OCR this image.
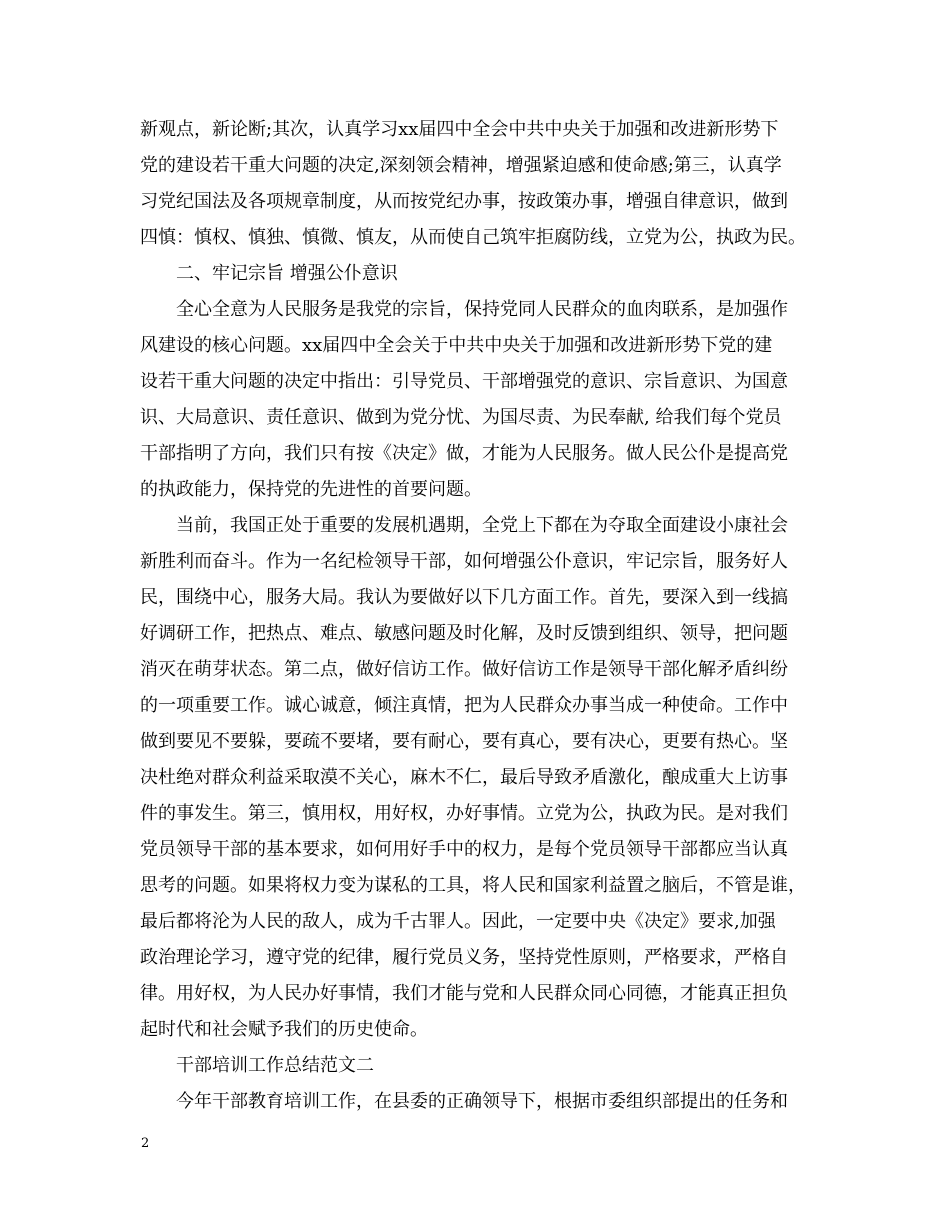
新观点，新论断;其次，认真学习xx届四中全会中共中央关于加强和改进新形势下
党的建设若干重大问题的决定,深刻领会精神，增强紧迫感和使命感;第三，认真学
习党纪国法及各项规章制度，从而按党纪办事，按政策办事，增强自律意识，做到
四慎：慎权、慎独、慎微、慎友，从而使自己筑牢拒腐防线，立党为公，执政为民。
二、牢记宗旨 增强公仆意识
全心全意为人民服务是我党的宗旨，保持党同人民群众的血肉联系，是加强作
风建设的核心问题。xx届四中全会关于中共中央关于加强和改进新形势下党的建
设若干重大问题的决定中指出：引导党员、干部增强党的意识、宗旨意识、为国意
识、大局意识、责任意识、做到为党分忧、为国尽责、为民奉献, 给我们每个党员
干部指明了方向，我们只有按《决定》做，才能为人民服务。做人民公仆是提高党
的执政能力，保持党的先进性的首要问题。
当前，我国正处于重要的发展机遇期，全党上下都在为夺取全面建设小康社会
新胜利而奋斗。作为一名纪检领导干部，如何增强公仆意识，牢记宗旨，服务好人
民，围绕中心，服务大局。我认为要做好以下几方面工作。首先，要深入到一线搞
好调研工作，把热点、难点、敏感问题及时化解，及时反馈到组织、领导，把问题
消灭在萌芽状态。第二点，做好信访工作。做好信访工作是领导干部化解矛盾纠纷
的一项重要工作。诚心诚意，倾注真情，把为人民群众办事当成一种使命。工作中
做到要见不要躲，要疏不要堵，要有耐心，要有真心，要有决心，更要有热心。坚
决杜绝对群众利益采取漠不关心，麻木不仁，最后导致矛盾激化，酿成重大上访事
件的事发生。第三，慎用权，用好权，办好事情。立党为公，执政为民。是对我们
党员领导干部的基本要求，如何用好手中的权力，是每个党员领导干部都应当认真
思考的问题。如果将权力变为谋私的工具，将人民和国家利益置之脑后，不管是谁，
最后都将沦为人民的敌人，成为千古罪人。因此，一定要中央《决定》要求,加强
政治理论学习，遵守党的纪律，履行党员义务，坚持党性原则，严格要求，严格自
律。用好权，为人民办好事情，我们才能与党和人民群众同心同德，才能真正担负
起时代和社会赋予我们的历史使命。
干部培训工作总结范文二
今年干部教育培训工作，在县委的正确领导下，根据市委组织部提出的任务和
2
